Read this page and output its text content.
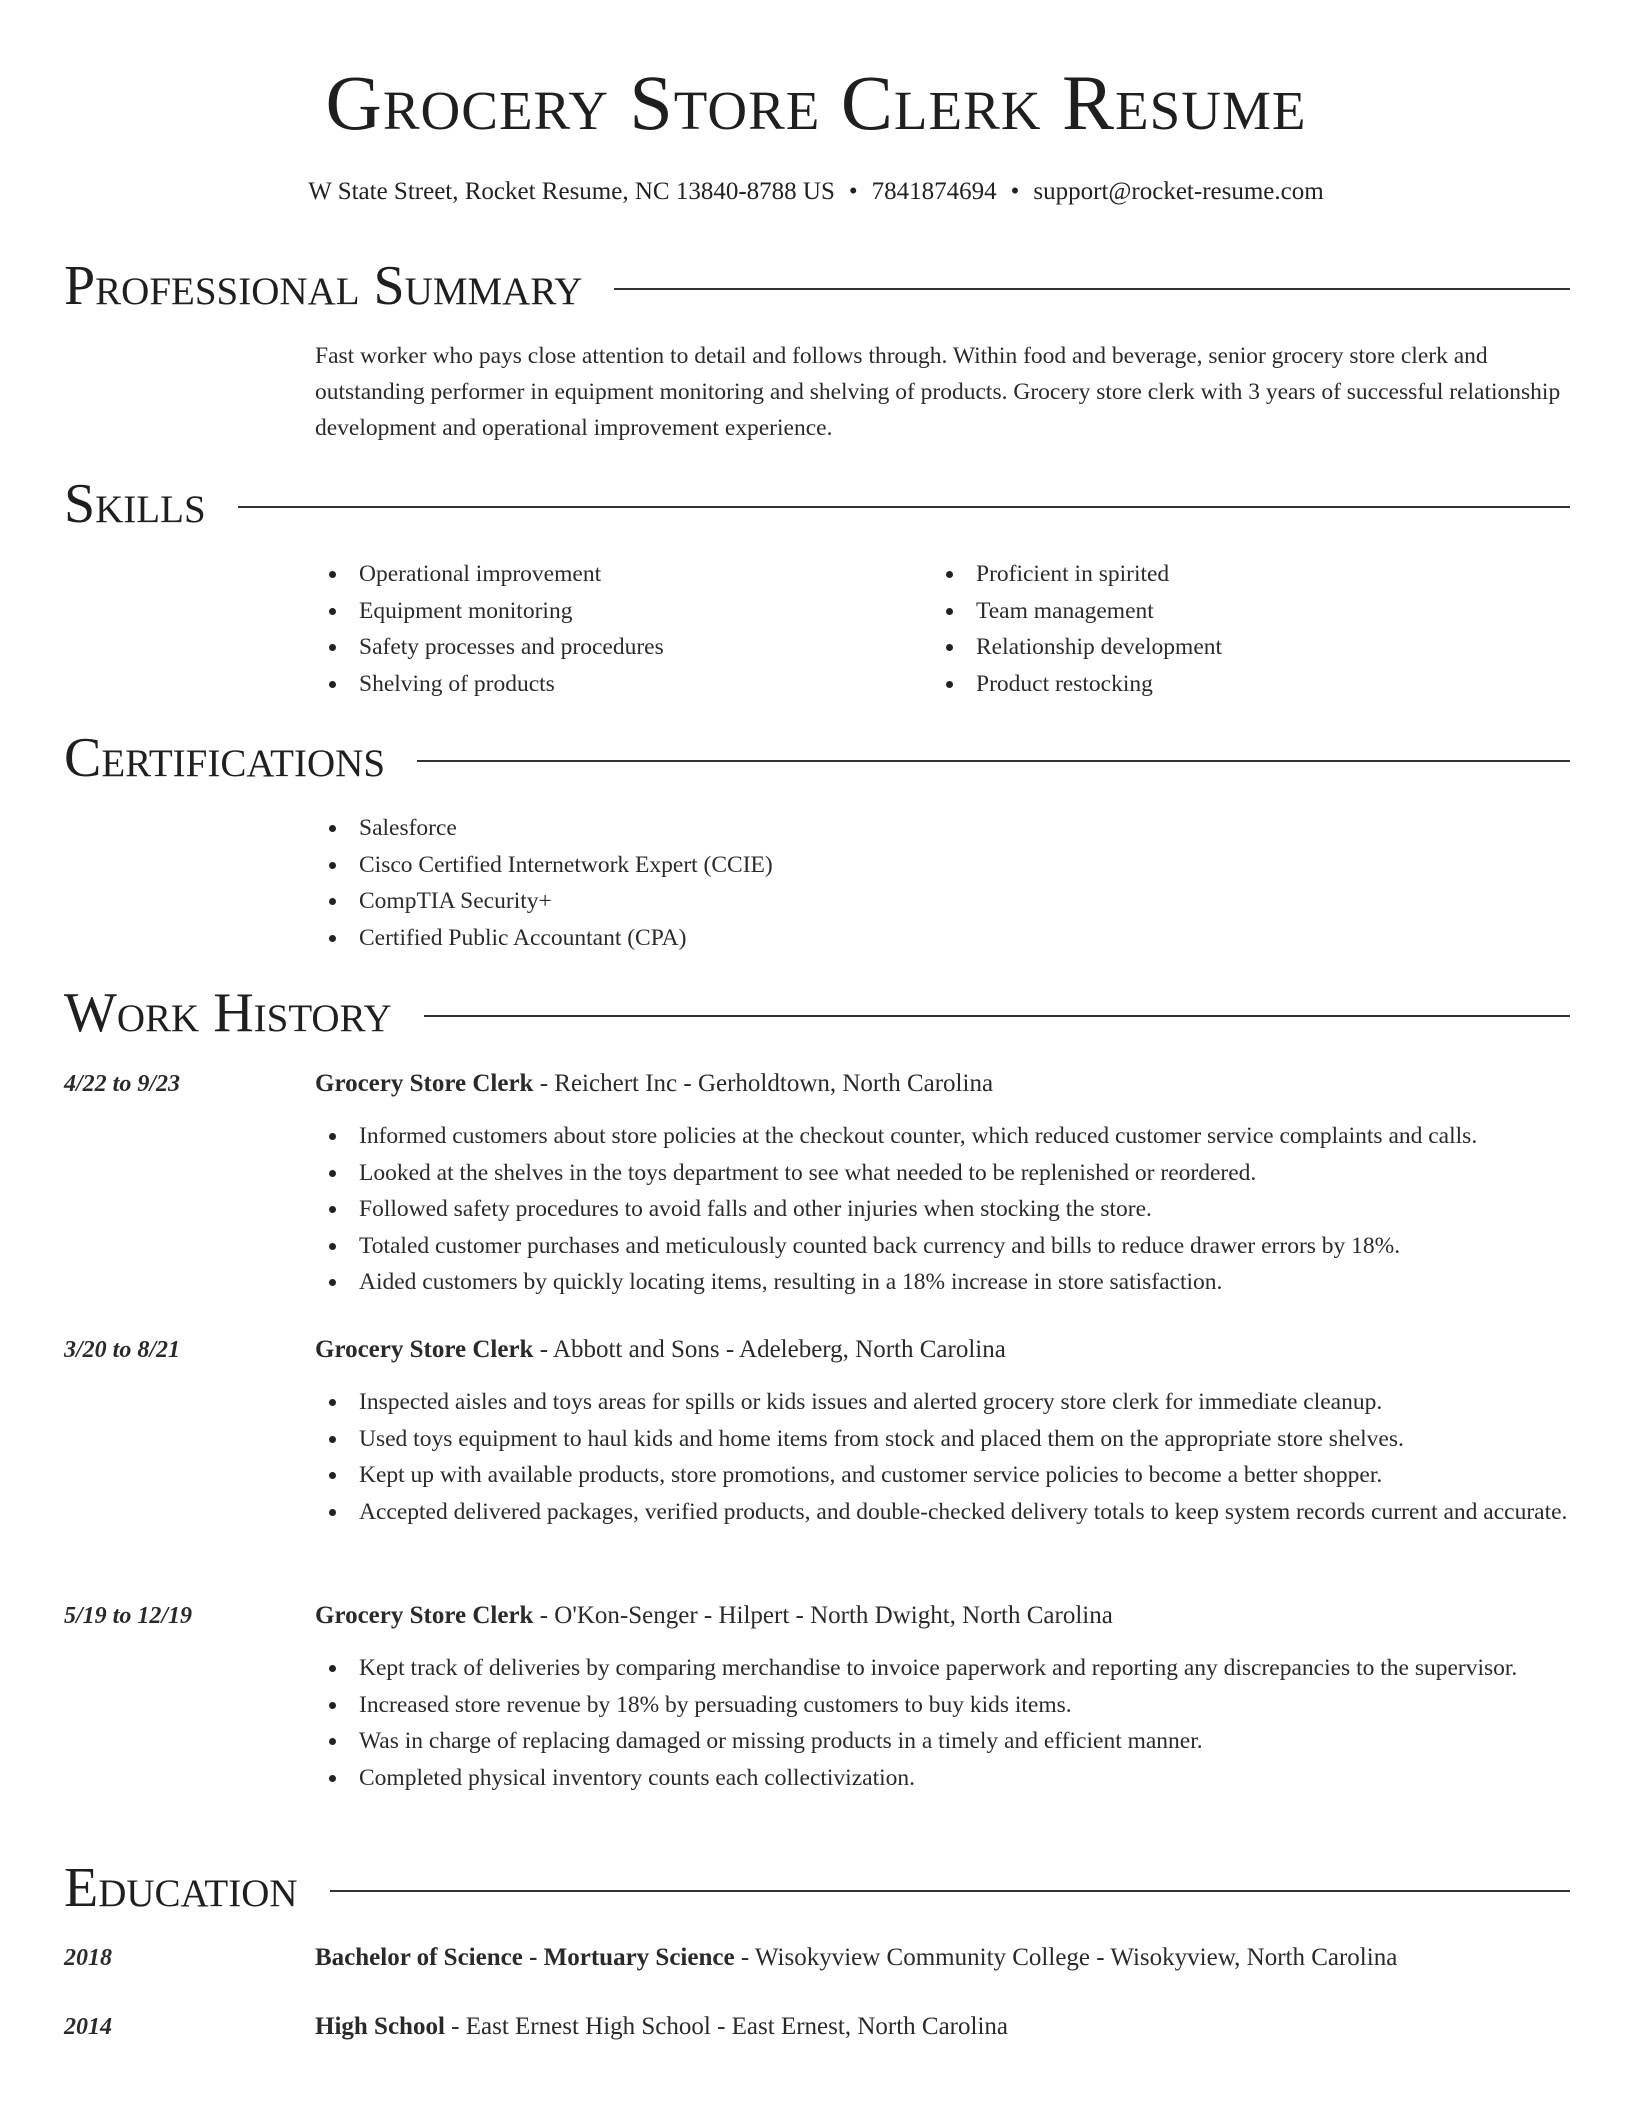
Grocery Store Clerk Resume
W State Street, Rocket Resume, NC 13840-8788 US • 7841874694 • support@rocket-resume.com
Professional Summary
Fast worker who pays close attention to detail and follows through. Within food and beverage, senior grocery store clerk and outstanding performer in equipment monitoring and shelving of products. Grocery store clerk with 3 years of successful relationship development and operational improvement experience.
Skills
Operational improvement
Equipment monitoring
Safety processes and procedures
Shelving of products
Proficient in spirited
Team management
Relationship development
Product restocking
Certifications
Salesforce
Cisco Certified Internetwork Expert (CCIE)
CompTIA Security+
Certified Public Accountant (CPA)
Work History
4/22 to 9/23	Grocery Store Clerk - Reichert Inc - Gerholdtown, North Carolina
Informed customers about store policies at the checkout counter, which reduced customer service complaints and calls.
Looked at the shelves in the toys department to see what needed to be replenished or reordered.
Followed safety procedures to avoid falls and other injuries when stocking the store.
Totaled customer purchases and meticulously counted back currency and bills to reduce drawer errors by 18%.
Aided customers by quickly locating items, resulting in a 18% increase in store satisfaction.
3/20 to 8/21	Grocery Store Clerk - Abbott and Sons - Adeleberg, North Carolina
Inspected aisles and toys areas for spills or kids issues and alerted grocery store clerk for immediate cleanup.
Used toys equipment to haul kids and home items from stock and placed them on the appropriate store shelves.
Kept up with available products, store promotions, and customer service policies to become a better shopper.
Accepted delivered packages, verified products, and double-checked delivery totals to keep system records current and accurate.
5/19 to 12/19	Grocery Store Clerk - O'Kon-Senger - Hilpert - North Dwight, North Carolina
Kept track of deliveries by comparing merchandise to invoice paperwork and reporting any discrepancies to the supervisor.
Increased store revenue by 18% by persuading customers to buy kids items.
Was in charge of replacing damaged or missing products in a timely and efficient manner.
Completed physical inventory counts each collectivization.
Education
2018	Bachelor of Science - Mortuary Science - Wisokyview Community College - Wisokyview, North Carolina
2014	High School - East Ernest High School - East Ernest, North Carolina
